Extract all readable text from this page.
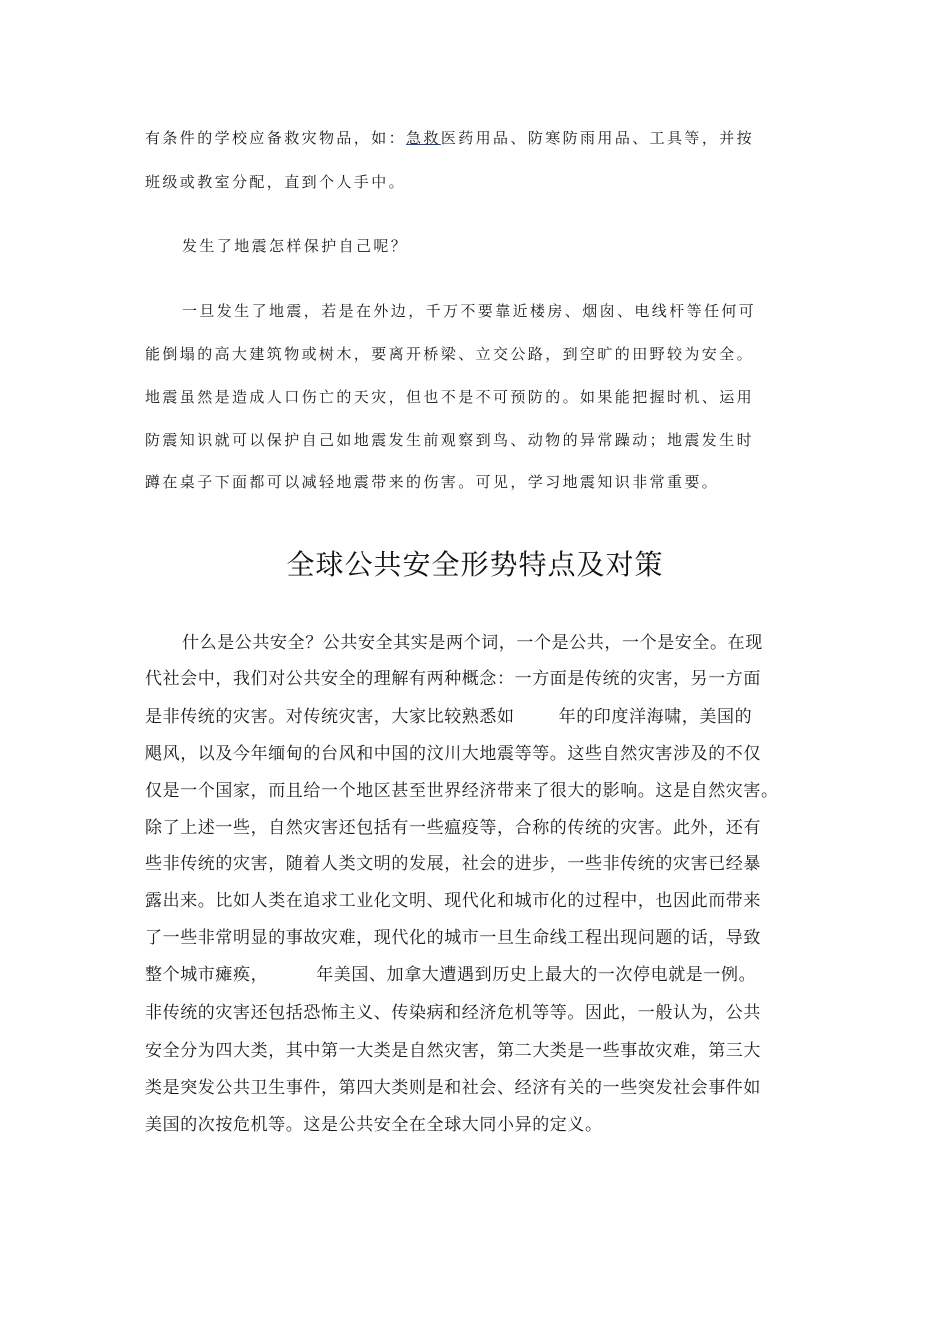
有条件的学校应备救灾物品，如：急救医药用品、防寒防雨用品、工具等，并按
班级或教室分配，直到个人手中。
发生了地震怎样保护自己呢？
一旦发生了地震，若是在外边，千万不要靠近楼房、烟囱、电线杆等任何可
能倒塌的高大建筑物或树木，要离开桥梁、立交公路，到空旷的田野较为安全。
地震虽然是造成人口伤亡的天灾，但也不是不可预防的。如果能把握时机、运用
防震知识就可以保护自己如地震发生前观察到鸟、动物的异常躁动；地震发生时
蹲在桌子下面都可以减轻地震带来的伤害。可见，学习地震知识非常重要。
全球公共安全形势特点及对策
什么是公共安全？公共安全其实是两个词，一个是公共，一个是安全。在现
代社会中，我们对公共安全的理解有两种概念：一方面是传统的灾害，另一方面
是非传统的灾害。对传统灾害，大家比较熟悉如	年的印度洋海啸，美国的
飓风，以及今年缅甸的台风和中国的汶川大地震等等。这些自然灾害涉及的不仅
仅是一个国家，而且给一个地区甚至世界经济带来了很大的影响。这是自然灾害。
除了上述一些，自然灾害还包括有一些瘟疫等，合称的传统的灾害。此外，还有
些非传统的灾害，随着人类文明的发展，社会的进步，一些非传统的灾害已经暴
露出来。比如人类在追求工业化文明、现代化和城市化的过程中，也因此而带来
了一些非常明显的事故灾难，现代化的城市一旦生命线工程出现问题的话，导致
整个城市瘫痪，	年美国、加拿大遭遇到历史上最大的一次停电就是一例。
非传统的灾害还包括恐怖主义、传染病和经济危机等等。因此，一般认为，公共
安全分为四大类，其中第一大类是自然灾害，第二大类是一些事故灾难，第三大
类是突发公共卫生事件，第四大类则是和社会、经济有关的一些突发社会事件如
美国的次按危机等。这是公共安全在全球大同小异的定义。
